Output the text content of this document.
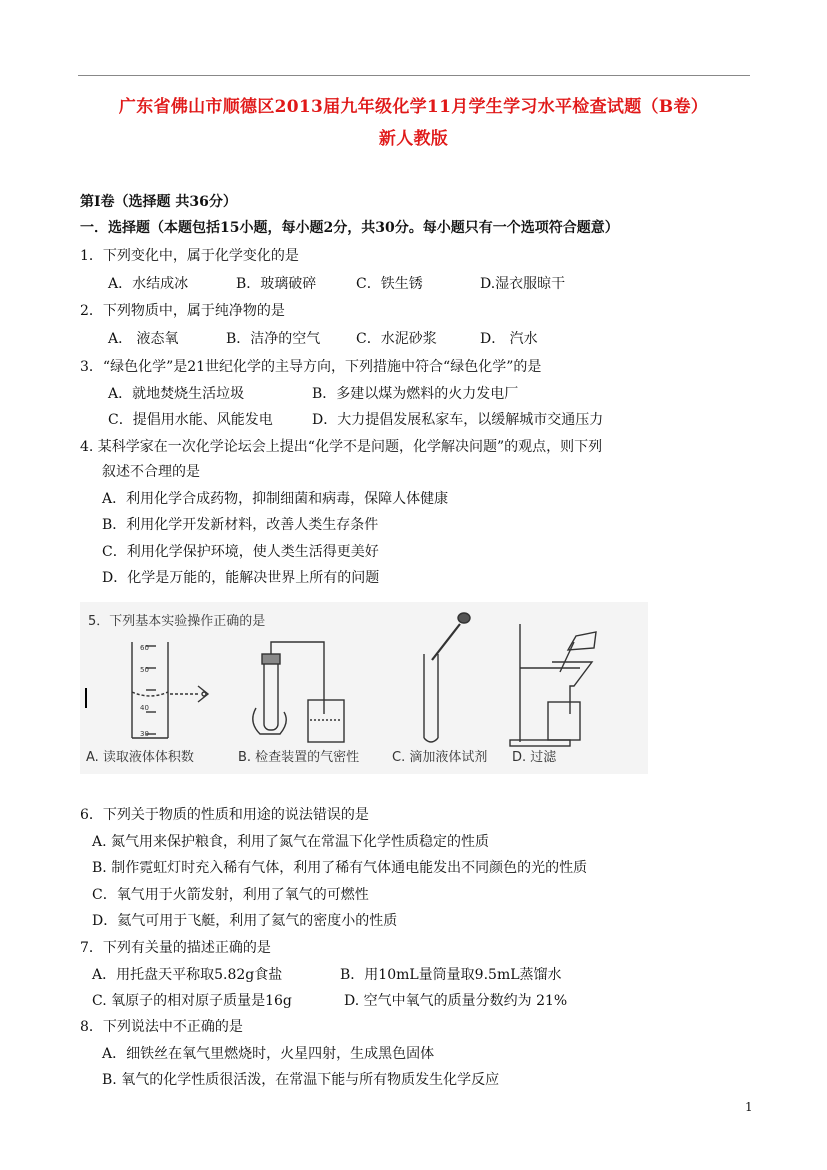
广东省佛山市顺德区2013届九年级化学11月学生学习水平检查试题（B卷）
新人教版
第Ⅰ卷（选择题 共36分）
一．选择题（本题包括15小题，每小题2分，共30分。每小题只有一个选项符合题意）
1．下列变化中，属于化学变化的是
A．水结成冰	B．玻璃破碎	C．铁生锈	D.湿衣服晾干
2．下列物质中，属于纯净物的是
A． 液态氧	B．洁净的空气	C．水泥砂浆	D． 汽水
3．“绿色化学”是21世纪化学的主导方向，下列措施中符合“绿色化学”的是
A．就地焚烧生活垃圾	B．多建以煤为燃料的火力发电厂
C．提倡用水能、风能发电	D．大力提倡发展私家车，以缓解城市交通压力
4. 某科学家在一次化学论坛会上提出“化学不是问题，化学解决问题”的观点，则下列
叙述不合理的是
A．利用化学合成药物，抑制细菌和病毒，保障人体健康
B．利用化学开发新材料，改善人类生存条件
C．利用化学保护环境，使人类生活得更美好
D．化学是万能的，能解决世界上所有的问题
5．下列基本实验操作正确的是
60
50
40
30
A. 读取液体体积数	B. 检查装置的气密性	C. 滴加液体试剂 D. 过滤
6．下列关于物质的性质和用途的说法错误的是
A. 氮气用来保护粮食，利用了氮气在常温下化学性质稳定的性质
B. 制作霓虹灯时充入稀有气体，利用了稀有气体通电能发出不同颜色的光的性质
C．氧气用于火箭发射，利用了氧气的可燃性
D．氦气可用于飞艇，利用了氦气的密度小的性质
7．下列有关量的描述正确的是
A．用托盘天平称取5.82g食盐	B．用10mL量筒量取9.5mL蒸馏水
C. 氧原子的相对原子质量是16g	D. 空气中氧气的质量分数约为 21%
8．下列说法中不正确的是
A．细铁丝在氧气里燃烧时，火星四射，生成黑色固体
B. 氧气的化学性质很活泼，在常温下能与所有物质发生化学反应
1
